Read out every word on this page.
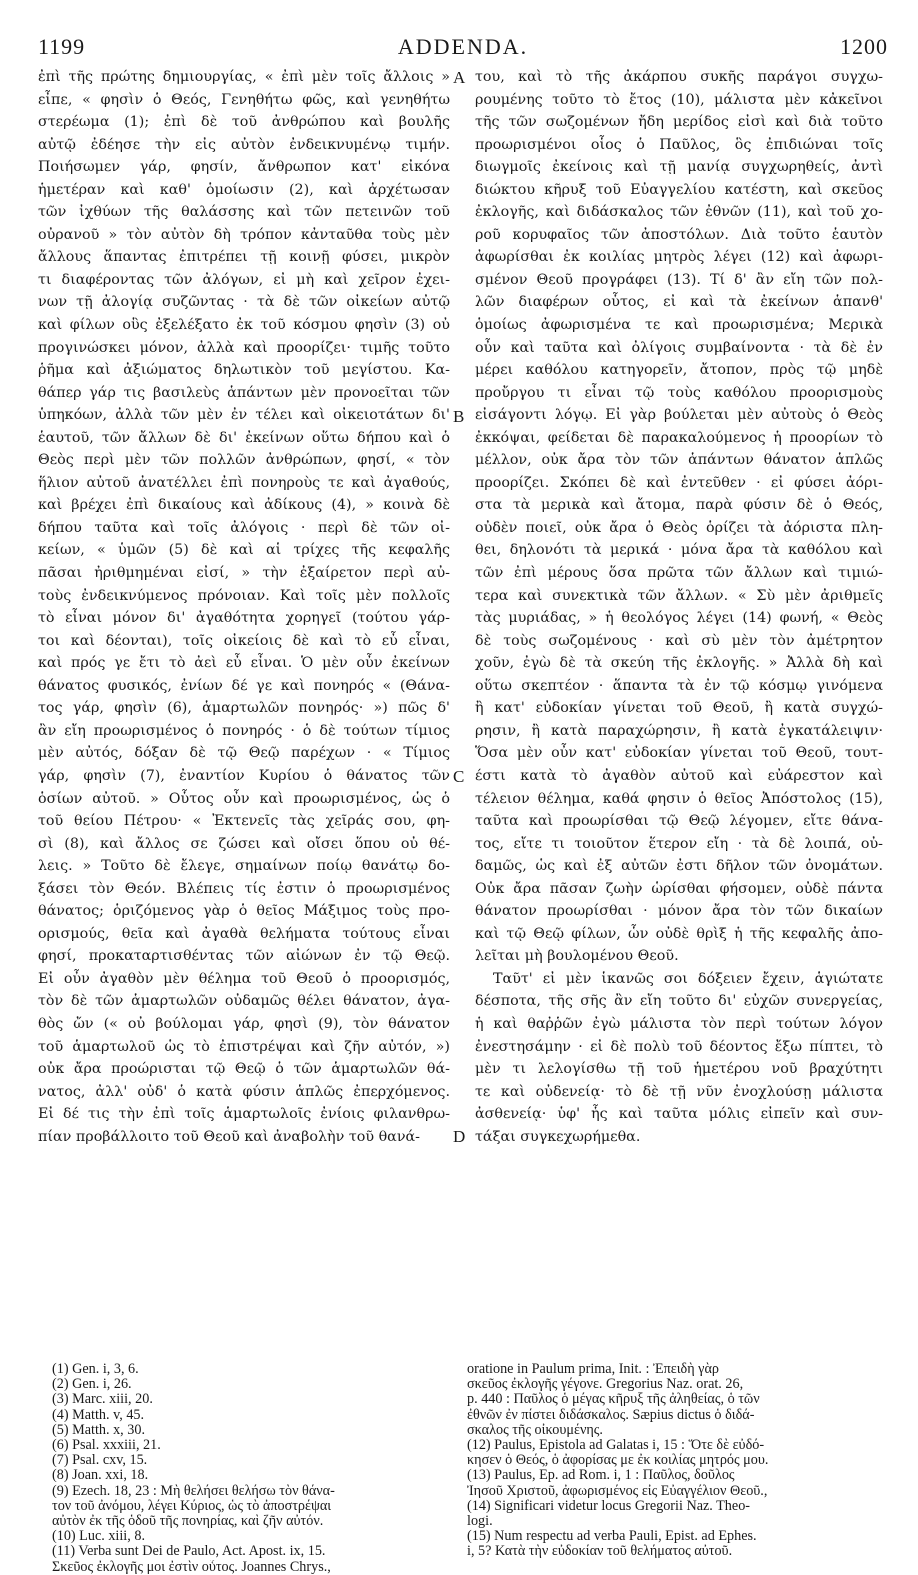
1199	ADDENDA.	1200
A
B
C
D

ἐπὶ τῆς πρώτης δημιουργίας, « ἐπὶ μὲν τοῖς ἄλλοις »

εἶπε, « φησὶν ὁ Θεός, Γενηθήτω φῶς, καὶ γενηθήτω

στερέωμα (1); ἐπὶ δὲ τοῦ ἀνθρώπου καὶ βουλῆς

αὐτῷ ἐδέησε τὴν εἰς αὐτὸν ἐνδεικνυμένῳ τιμήν.

Ποιήσωμεν γάρ, φησίν, ἄνθρωπον κατ' εἰκόνα

ἡμετέραν καὶ καθ' ὁμοίωσιν (2), καὶ ἀρχέτωσαν

τῶν ἰχθύων τῆς θαλάσσης καὶ τῶν πετεινῶν τοῦ

οὐρανοῦ » τὸν αὐτὸν δὴ τρόπον κἀνταῦθα τοὺς μὲν

ἄλλους ἅπαντας ἐπιτρέπει τῇ κοινῇ φύσει, μικρὸν

τι διαφέροντας τῶν ἀλόγων, εἰ μὴ καὶ χεῖρον ἐχει-

νων τῇ ἀλογίᾳ συζῶντας · τὰ δὲ τῶν οἰκείων αὐτῷ

καὶ φίλων οὓς ἐξελέξατο ἐκ τοῦ κόσμου φησὶν (3) οὐ

προγινώσκει μόνον, ἀλλὰ καὶ προορίζει· τιμῆς τοῦτο

ῥῆμα καὶ ἀξιώματος δηλωτικὸν τοῦ μεγίστου. Κα-

θάπερ γάρ τις βασιλεὺς ἁπάντων μὲν προνοεῖται τῶν

ὑπηκόων, ἀλλὰ τῶν μὲν ἐν τέλει καὶ οἰκειοτάτων δι'

ἑαυτοῦ, τῶν ἄλλων δὲ δι' ἐκείνων οὕτω δήπου καὶ ὁ

Θεὸς περὶ μὲν τῶν πολλῶν ἀνθρώπων, φησί, « τὸν

ἥλιον αὐτοῦ ἀνατέλλει ἐπὶ πονηροὺς τε καὶ ἀγαθούς,

καὶ βρέχει ἐπὶ δικαίους καὶ ἀδίκους (4), » κοινὰ δὲ

δήπου ταῦτα καὶ τοῖς ἀλόγοις · περὶ δὲ τῶν οἰ-

κείων, « ὑμῶν (5) δὲ καὶ αἱ τρίχες τῆς κεφαλῆς

πᾶσαι ἠριθμημέναι εἰσί, » τὴν ἐξαίρετον περὶ αὐ-

τοὺς ἐνδεικνύμενος πρόνοιαν. Καὶ τοῖς μὲν πολλοῖς

τὸ εἶναι μόνον δι' ἀγαθότητα χορηγεῖ (τούτου γάρ-

τοι καὶ δέονται), τοῖς οἰκείοις δὲ καὶ τὸ εὖ εἶναι,

καὶ πρός γε ἔτι τὸ ἀεὶ εὖ εἶναι. Ὁ μὲν οὖν ἐκείνων

θάνατος φυσικός, ἐνίων δέ γε καὶ πονηρός « (Θάνα-

τος γάρ, φησὶν (6), ἁμαρτωλῶν πονηρός· ») πῶς δ'

ἂν εἴη προωρισμένος ὁ πονηρός · ὁ δὲ τούτων τίμιος

μὲν αὐτός, δόξαν δὲ τῷ Θεῷ παρέχων · « Τίμιος

γάρ, φησὶν (7), ἐναντίον Κυρίου ὁ θάνατος τῶν

ὁσίων αὐτοῦ. » Οὗτος οὖν καὶ προωρισμένος, ὡς ὁ

τοῦ θείου Πέτρου· « Ἐκτενεῖς τὰς χεῖράς σου, φη-

σὶ (8), καὶ ἄλλος σε ζώσει καὶ οἴσει ὅπου οὐ θέ-

λεις. » Τοῦτο δὲ ἔλεγε, σημαίνων ποίῳ θανάτῳ δο-

ξάσει τὸν Θεόν. Βλέπεις τίς ἐστιν ὁ προωρισμένος

θάνατος; ὁριζόμενος γὰρ ὁ θεῖος Μάξιμος τοὺς προ-

ορισμούς, θεῖα καὶ ἀγαθὰ θελήματα τούτους εἶναι

φησί, προκαταρτισθέντας τῶν αἰώνων ἐν τῷ Θεῷ.

Εἰ οὖν ἀγαθὸν μὲν θέλημα τοῦ Θεοῦ ὁ προορισμός,

τὸν δὲ τῶν ἁμαρτωλῶν οὐδαμῶς θέλει θάνατον, ἀγα-

θὸς ὤν (« οὐ βούλομαι γάρ, φησὶ (9), τὸν θάνατον

τοῦ ἁμαρτωλοῦ ὡς τὸ ἐπιστρέψαι καὶ ζῆν αὐτόν, »)

οὐκ ἄρα προώρισται τῷ Θεῷ ὁ τῶν ἁμαρτωλῶν θά-

νατος, ἀλλ' οὐδ' ὁ κατὰ φύσιν ἁπλῶς ἐπερχόμενος.

Εἰ δέ τις τὴν ἐπὶ τοῖς ἁμαρτωλοῖς ἐνίοις φιλανθρω-

πίαν προβάλλοιτο τοῦ Θεοῦ καὶ ἀναβολὴν τοῦ θανά-

του, καὶ τὸ τῆς ἀκάρπου συκῆς παράγοι συγχω-

ρουμένης τοῦτο τὸ ἔτος (10), μάλιστα μὲν κἀκεῖνοι

τῆς τῶν σωζομένων ἤδη μερίδος εἰσὶ καὶ διὰ τοῦτο

προωρισμένοι οἷος ὁ Παῦλος, ὃς ἐπιδιώναι τοῖς

διωγμοῖς ἐκείνοις καὶ τῇ μανίᾳ συγχωρηθείς, ἀντὶ

διώκτου κῆρυξ τοῦ Εὐαγγελίου κατέστη, καὶ σκεῦος

ἐκλογῆς, καὶ διδάσκαλος τῶν ἐθνῶν (11), καὶ τοῦ χο-

ροῦ κορυφαῖος τῶν ἀποστόλων. Διὰ τοῦτο ἑαυτὸν

ἀφωρίσθαι ἐκ κοιλίας μητρὸς λέγει (12) καὶ ἀφωρι-

σμένον Θεοῦ προγράφει (13). Τί δ' ἂν εἴη τῶν πολ-

λῶν διαφέρων οὗτος, εἰ καὶ τὰ ἐκείνων ἁπανθ'

ὁμοίως ἀφωρισμένα τε καὶ προωρισμένα; Μερικὰ

οὖν καὶ ταῦτα καὶ ὀλίγοις συμβαίνοντα · τὰ δὲ ἐν

μέρει καθόλου κατηγορεῖν, ἄτοπον, πρὸς τῷ μηδὲ

προὔργου τι εἶναι τῷ τοὺς καθόλου προορισμοὺς

εἰσάγοντι λόγῳ. Εἰ γὰρ βούλεται μὲν αὐτοὺς ὁ Θεὸς

ἐκκόψαι, φείδεται δὲ παρακαλούμενος ἡ προορίων τὸ

μέλλον, οὐκ ἄρα τὸν τῶν ἁπάντων θάνατον ἁπλῶς

προορίζει. Σκόπει δὲ καὶ ἐντεῦθεν · εἰ φύσει ἀόρι-

στα τὰ μερικὰ καὶ ἄτομα, παρὰ φύσιν δὲ ὁ Θεός,

οὐδὲν ποιεῖ, οὐκ ἄρα ὁ Θεὸς ὁρίζει τὰ ἀόριστα πλη-

θει, δηλονότι τὰ μερικά · μόνα ἄρα τὰ καθόλου καὶ

τῶν ἐπὶ μέρους ὅσα πρῶτα τῶν ἄλλων καὶ τιμιώ-

τερα καὶ συνεκτικὰ τῶν ἄλλων. « Σὺ μὲν ἀριθμεῖς

τὰς μυριάδας, » ἡ θεολόγος λέγει (14) φωνή, « Θεὸς

δὲ τοὺς σωζομένους · καὶ σὺ μὲν τὸν ἀμέτρητον

χοῦν, ἐγὼ δὲ τὰ σκεύη τῆς ἐκλογῆς. » Ἀλλὰ δὴ καὶ

οὕτω σκεπτέον · ἅπαντα τὰ ἐν τῷ κόσμῳ γινόμενα

ἢ κατ' εὐδοκίαν γίνεται τοῦ Θεοῦ, ἢ κατὰ συγχώ-

ρησιν, ἢ κατὰ παραχώρησιν, ἢ κατὰ ἐγκατάλειψιν·

Ὅσα μὲν οὖν κατ' εὐδοκίαν γίνεται τοῦ Θεοῦ, τουτ-

έστι κατὰ τὸ ἀγαθὸν αὐτοῦ καὶ εὐάρεστον καὶ

τέλειον θέλημα, καθά φησιν ὁ θεῖος Ἀπόστολος (15),

ταῦτα καὶ προωρίσθαι τῷ Θεῷ λέγομεν, εἴτε θάνα-

τος, εἴτε τι τοιοῦτον ἕτερον εἴη · τὰ δὲ λοιπά, οὐ-

δαμῶς, ὡς καὶ ἐξ αὐτῶν ἐστι δῆλον τῶν ὀνομάτων.

Οὐκ ἄρα πᾶσαν ζωὴν ὡρίσθαι φήσομεν, οὐδὲ πάντα

θάνατον προωρίσθαι · μόνον ἄρα τὸν τῶν δικαίων

καὶ τῷ Θεῷ φίλων, ὧν οὐδὲ θρὶξ ἡ τῆς κεφαλῆς ἀπο-

λεῖται μὴ βουλομένου Θεοῦ.

Ταῦτ' εἰ μὲν ἱκανῶς σοι δόξειεν ἔχειν, ἁγιώτατε

δέσποτα, τῆς σῆς ἂν εἴη τοῦτο δι' εὐχῶν συνεργείας,

ἡ καὶ θαῤῥῶν ἐγὼ μάλιστα τὸν περὶ τούτων λόγον

ἐνεστησάμην · εἰ δὲ πολὺ τοῦ δέοντος ἔξω πίπτει, τὸ

μὲν τι λελογίσθω τῇ τοῦ ἡμετέρου νοῦ βραχύτητι

τε καὶ οὐδενείᾳ· τὸ δὲ τῇ νῦν ἐνοχλούσῃ μάλιστα

ἀσθενείᾳ· ὑφ' ἧς καὶ ταῦτα μόλις εἰπεῖν καὶ συν-

τάξαι συγκεχωρήμεθα.

(1) Gen. i, 3, 6.
(2) Gen. i, 26.
(3) Marc. xiii, 20.
(4) Matth. v, 45.
(5) Matth. x, 30.
(6) Psal. xxxiii, 21.
(7) Psal. cxv, 15.
(8) Joan. xxi, 18.
(9) Ezech. 18, 23 : Μὴ θελήσει θελήσω τὸν θάνα-
τον τοῦ ἀνόμου, λέγει Κύριος, ὡς τὸ ἀποστρέψαι
αὐτὸν ἐκ τῆς ὁδοῦ τῆς πονηρίας, καὶ ζῆν αὐτόν.
(10) Luc. xiii, 8.
(11) Verba sunt Dei de Paulo, Act. Apost. ix, 15.
Σκεῦος ἐκλογῆς μοι ἐστὶν οὗτος. Joannes Chrys.,
oratione in Paulum prima, Init. : Ἐπειδὴ γὰρ
σκεῦος ἐκλογῆς γέγονε. Gregorius Naz. orat. 26,
p. 440 : Παῦλος ὁ μέγας κῆρυξ τῆς ἀληθείας, ὁ τῶν
ἐθνῶν ἐν πίστει διδάσκαλος. Sæpius dictus ὁ διδά-
σκαλος τῆς οἰκουμένης.
(12) Paulus, Epistola ad Galatas i, 15 : Ὅτε δὲ εὐδό-
κησεν ὁ Θεός, ὁ ἀφορίσας με ἐκ κοιλίας μητρός μου.
(13) Paulus, Ep. ad Rom. i, 1 : Παῦλος, δοῦλος
Ἰησοῦ Χριστοῦ, ἀφωρισμένος εἰς Εὐαγγέλιον Θεοῦ.,
(14) Significari videtur locus Gregorii Naz. Theo-
logi.
(15) Num respectu ad verba Pauli, Epist. ad Ephes.
i, 5? Κατὰ τὴν εὐδοκίαν τοῦ θελήματος αὐτοῦ.
